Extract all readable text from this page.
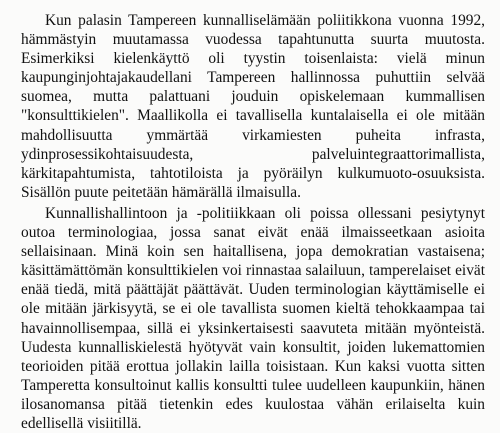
Kun palasin Tampereen kunnalliselämään poliitikkona vuonna 1992, hämmästyin muutamassa vuodessa tapahtunutta suurta muutosta. Esimerkiksi kielenkäyttö oli tyystin toisenlaista: vielä minun kaupunginjohtajakaudellani Tampereen hallinnossa puhuttiin selvää suomea, mutta palattuani jouduin opiskelemaan kummallisen "konsulttikielen". Maallikolla ei tavallisella kuntalaisella ei ole mitään mahdollisuutta ymmärtää virkamiesten puheita infrasta, ydinprosessikohtaisuudesta, palveluintegraattorimallista, kärkitapahtumista, tahtotiloista ja pyöräilyn kulkumuoto-osuuksista. Sisällön puute peitetään hämärällä ilmaisulla.

Kunnallishallintoon ja -politiikkaan oli poissa ollessani pesiytynyt outoa terminologiaa, jossa sanat eivät enää ilmaisseetkaan asioita sellaisinaan. Minä koin sen haitallisena, jopa demokratian vastaisena; käsittämättömän konsulttikielen voi rinnastaa salailuun, tamperelaiset eivät enää tiedä, mitä päättäjät päättävät. Uuden terminologian käyttämiselle ei ole mitään järkisyytä, se ei ole tavallista suomen kieltä tehokkaampaa tai havainnollisempaa, sillä ei yksinkertaisesti saavuteta mitään myönteistä. Uudesta kunnalliskielestä hyötyvät vain konsultit, joiden lukemattomien teorioiden pitää erottua jollakin lailla toisistaan. Kun kaksi vuotta sitten Tamperetta konsultoinut kallis konsultti tulee uudelleen kaupunkiin, hänen ilosanomansa pitää tietenkin edes kuulostaa vähän erilaiselta kuin edellisellä visiitillä.
